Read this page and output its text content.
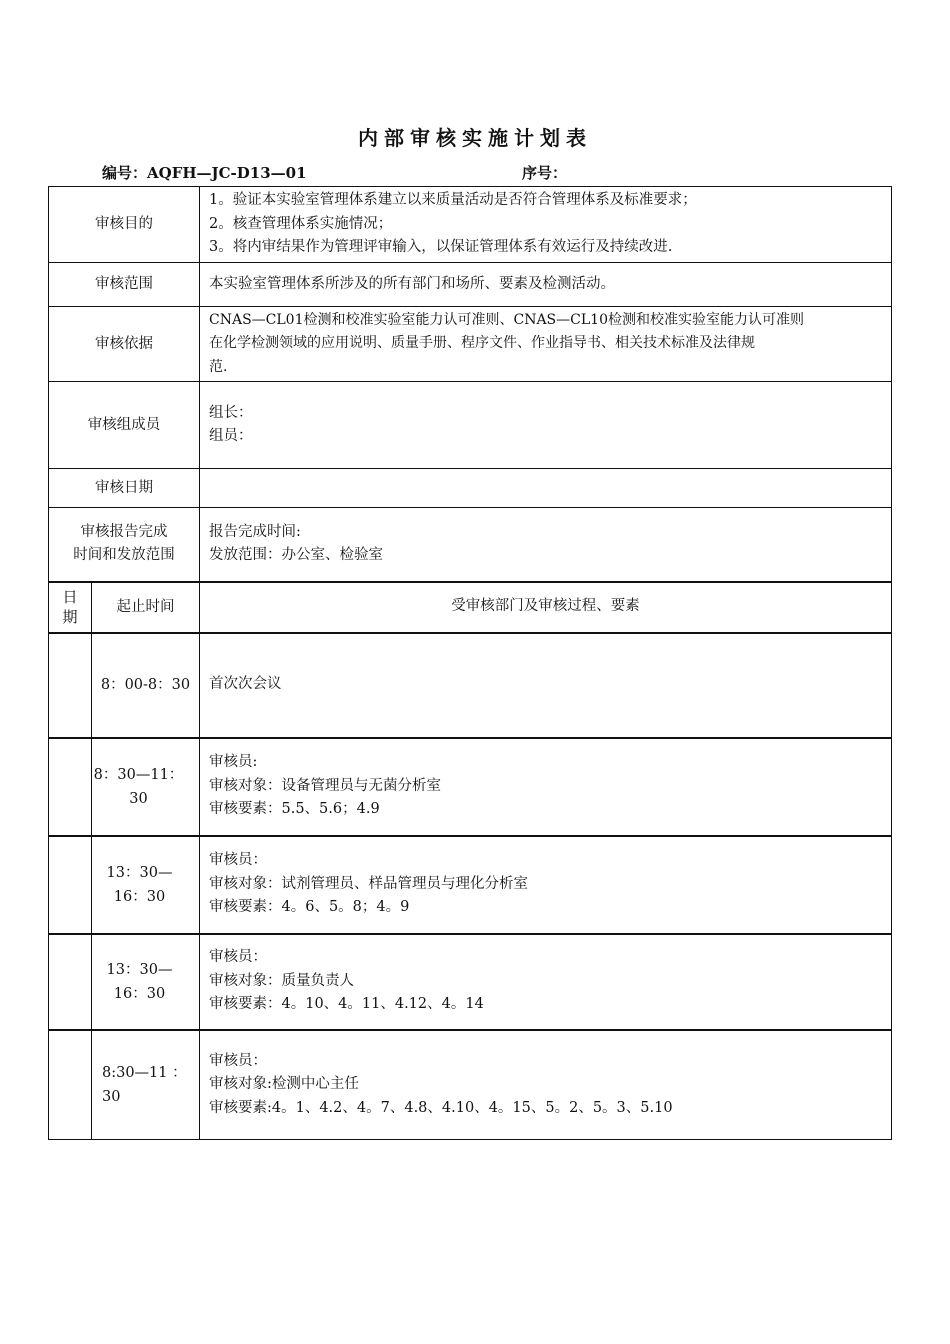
内部审核实施计划表
编号：AQFH—JC-D13—01	序号：
审核目的		1。验证本实验室管理体系建立以来质量活动是否符合管理体系及标准要求；
2。核查管理体系实施情况；
3。将内审结果作为管理评审输入，以保证管理体系有效运行及持续改进.

审核范围		本实验室管理体系所涉及的所有部门和场所、要素及检测活动。

审核依据		CNAS—CL01检测和校准实验室能力认可准则、CNAS—CL10检测和校准实验室能力认可准则
在化学检测领域的应用说明、质量手册、程序文件、作业指导书、相关技术标准及法律规
范.

审核组成员		组长：
组员：

审核日期		

审核报告完成
时间和发放范围		报告完成时间:
发放范围：办公室、检验室

日期	起止时间	受审核部门及审核过程、要素
	8：00-8：30	首次次会议

	8：30—11：30	审核员:
审核对象：设备管理员与无菌分析室
审核要素：5.5、5.6；4.9

	13：30—16：30	审核员：
审核对象：试剂管理员、样品管理员与理化分析室
审核要素：4。6、5。8；4。9

	13：30—16：30	审核员：
审核对象：质量负责人
审核要素：4。10、4。11、4.12、4。14

	8:30—11 ：30	审核员：
审核对象:检测中心主任
审核要素:4。1、4.2、4。7、4.8、4.10、4。15、5。2、5。3、5.10
